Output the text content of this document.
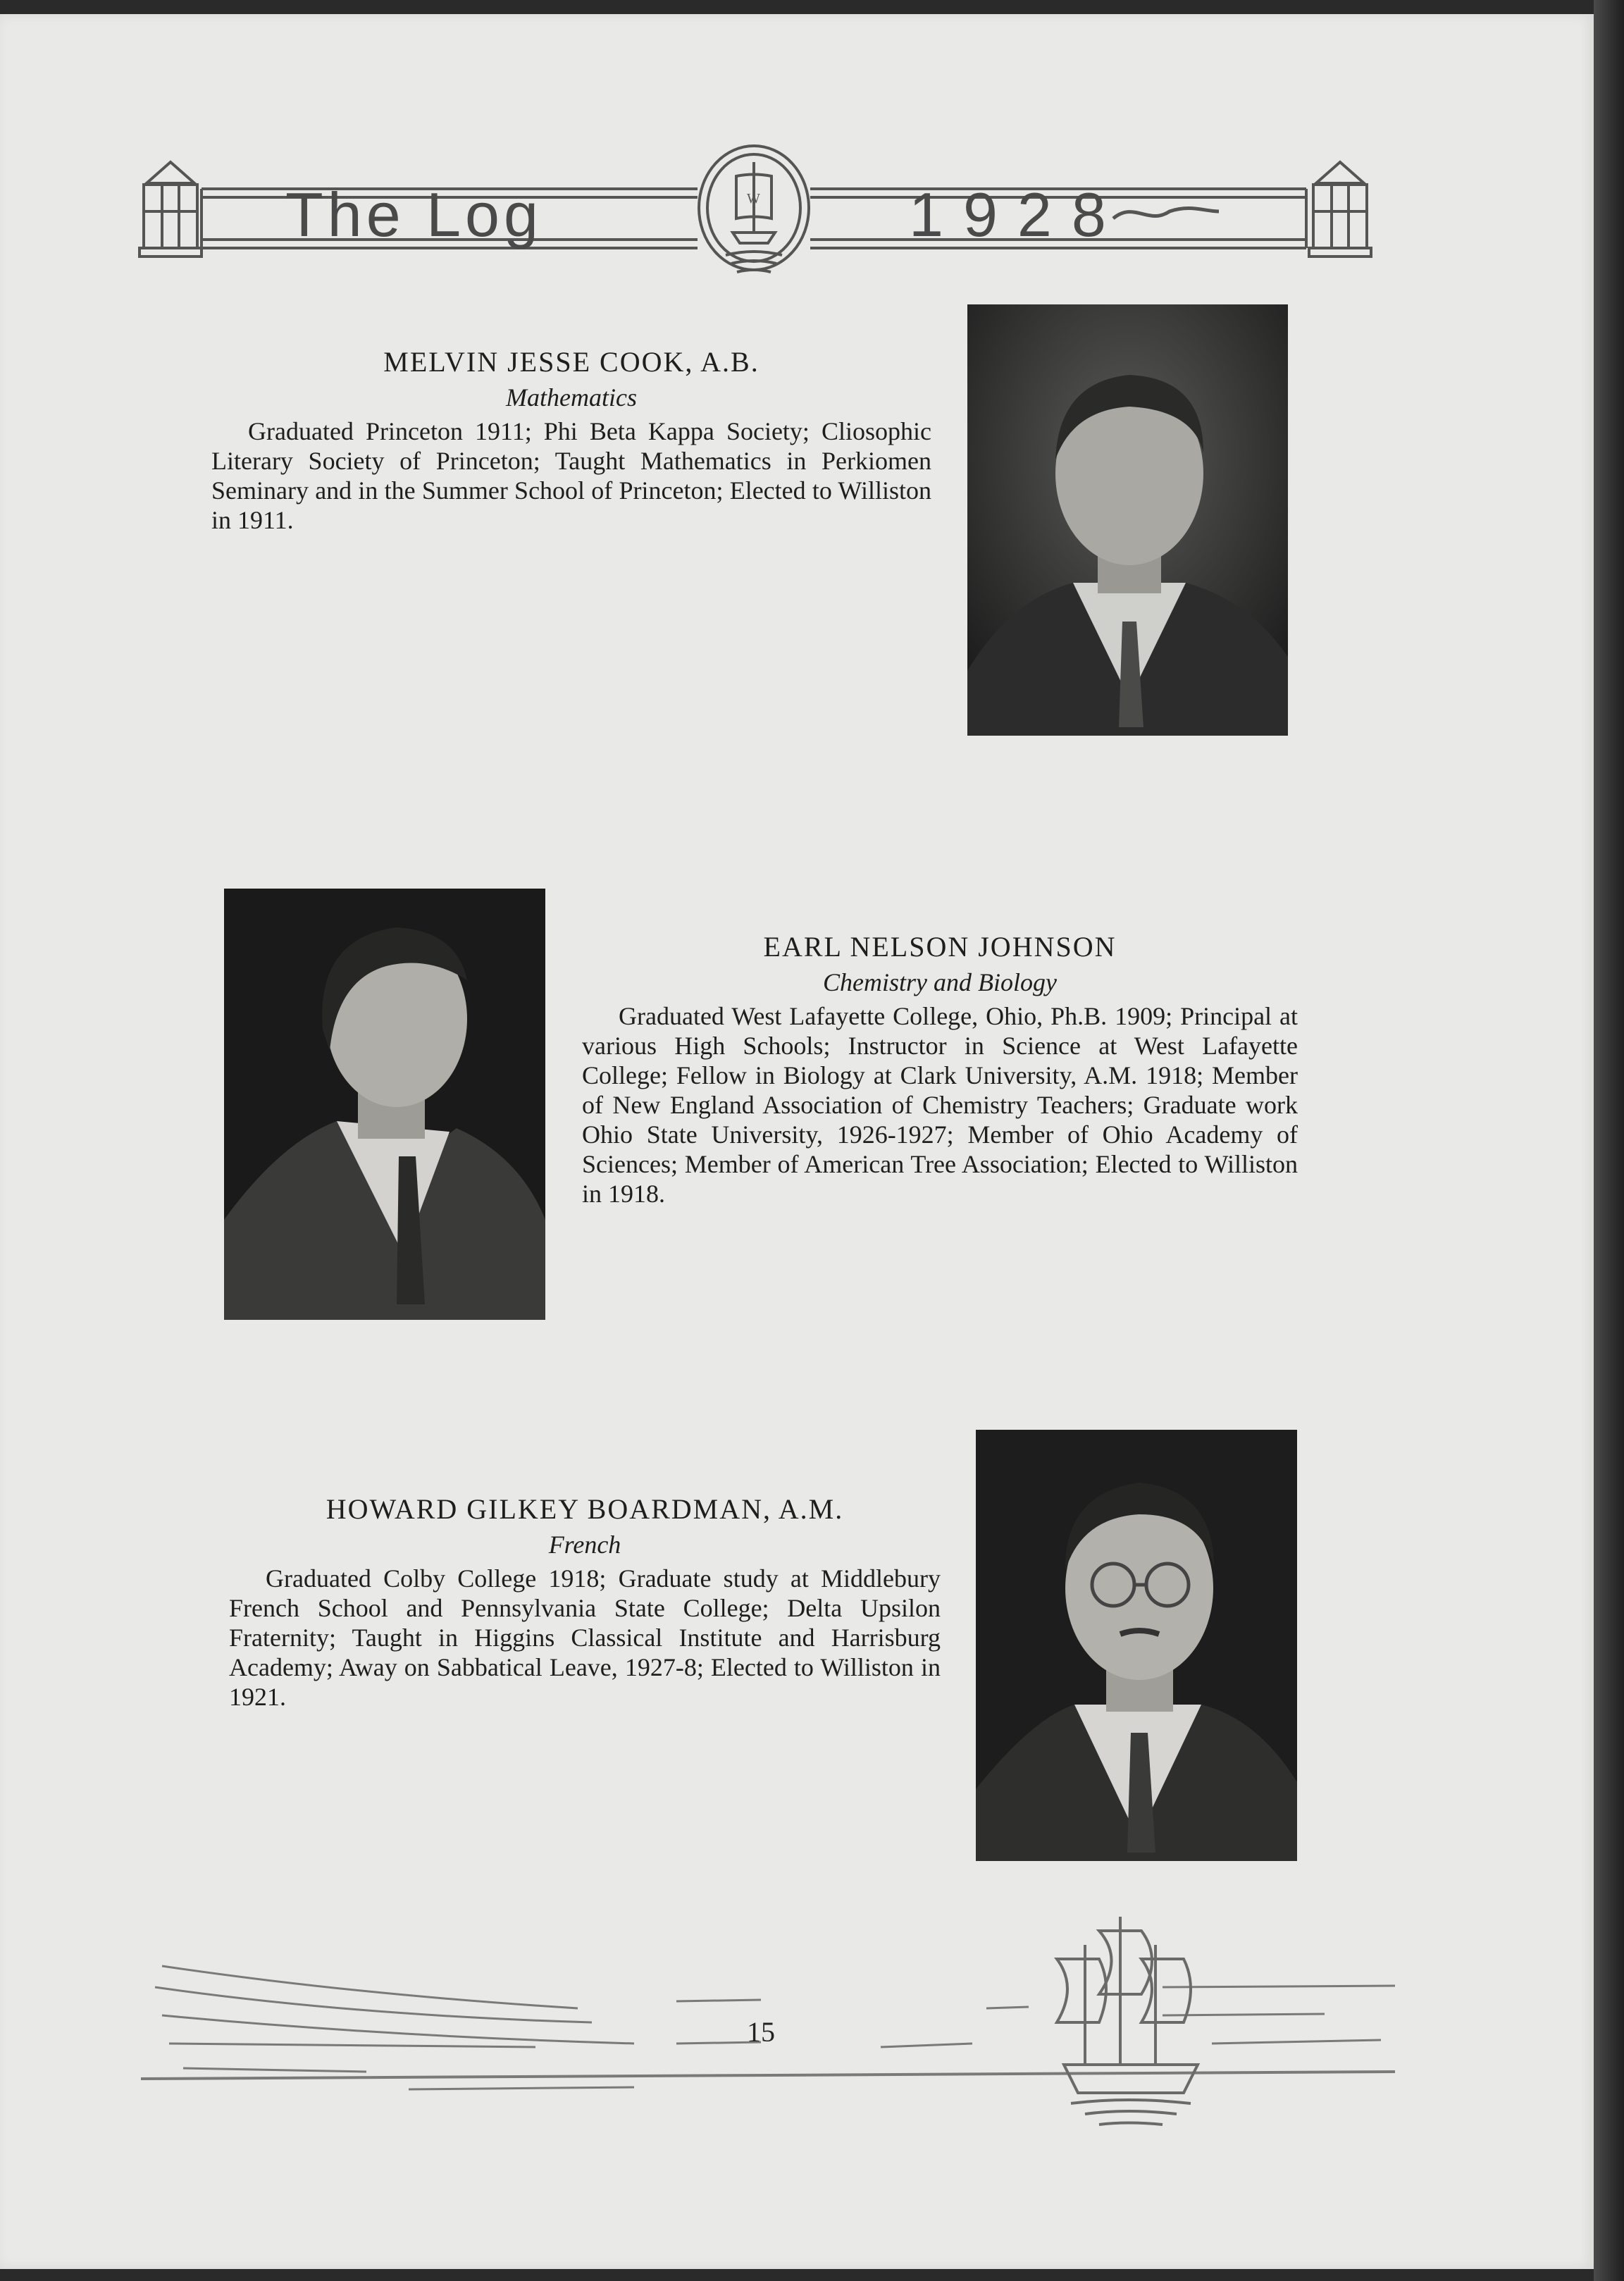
W
The Log	1928

MELVIN JESSE COOK, A.B.

Mathematics

Graduated Princeton 1911; Phi Beta Kappa Society; Cliosophic Literary Society of Princeton; Taught Mathematics in Perkiomen Seminary and in the Summer School of Princeton; Elected to Williston in 1911.

EARL NELSON JOHNSON

Chemistry and Biology

Graduated West Lafayette College, Ohio, Ph.B. 1909; Principal at various High Schools; Instructor in Science at West Lafayette College; Fellow in Biology at Clark University, A.M. 1918; Member of New England Association of Chemistry Teachers; Graduate work Ohio State University, 1926-1927; Member of Ohio Academy of Sciences; Member of American Tree Association; Elected to Williston in 1918.

HOWARD GILKEY BOARDMAN, A.M.

French

Graduated Colby College 1918; Graduate study at Middlebury French School and Pennsylvania State College; Delta Upsilon Fraternity; Taught in Higgins Classical Institute and Harrisburg Academy; Away on Sabbatical Leave, 1927-8; Elected to Williston in 1921.

15
